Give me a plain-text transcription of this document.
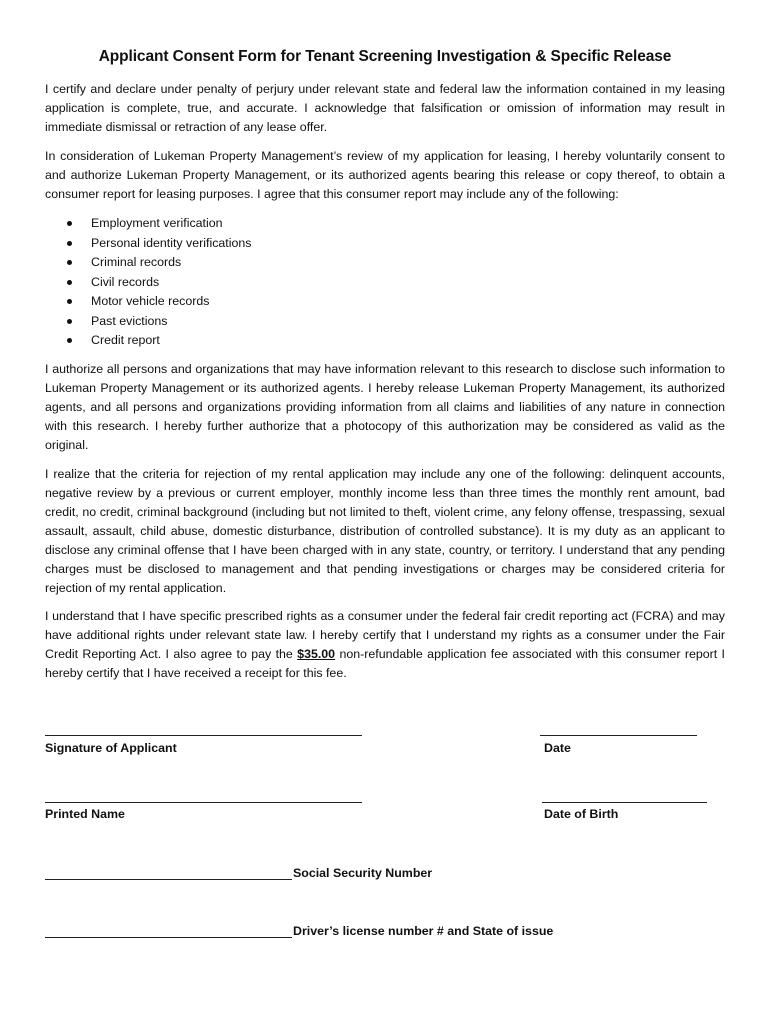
Applicant Consent Form for Tenant Screening Investigation & Specific Release
I certify and declare under penalty of perjury under relevant state and federal law the information contained in my leasing application is complete, true, and accurate. I acknowledge that falsification or omission of information may result in immediate dismissal or retraction of any lease offer.
In consideration of Lukeman Property Management’s review of my application for leasing, I hereby voluntarily consent to and authorize Lukeman Property Management, or its authorized agents bearing this release or copy thereof, to obtain a consumer report for leasing purposes. I agree that this consumer report may include any of the following:
Employment verification
Personal identity verifications
Criminal records
Civil records
Motor vehicle records
Past evictions
Credit report
I authorize all persons and organizations that may have information relevant to this research to disclose such information to Lukeman Property Management or its authorized agents. I hereby release Lukeman Property Management, its authorized agents, and all persons and organizations providing information from all claims and liabilities of any nature in connection with this research. I hereby further authorize that a photocopy of this authorization may be considered as valid as the original.
I realize that the criteria for rejection of my rental application may include any one of the following: delinquent accounts, negative review by a previous or current employer, monthly income less than three times the monthly rent amount, bad credit, no credit, criminal background (including but not limited to theft, violent crime, any felony offense, trespassing, sexual assault, assault, child abuse, domestic disturbance, distribution of controlled substance). It is my duty as an applicant to disclose any criminal offense that I have been charged with in any state, country, or territory. I understand that any pending charges must be disclosed to management and that pending investigations or charges may be considered criteria for rejection of my rental application.
I understand that I have specific prescribed rights as a consumer under the federal fair credit reporting act (FCRA) and may have additional rights under relevant state law. I hereby certify that I understand my rights as a consumer under the Fair Credit Reporting Act. I also agree to pay the $35.00 non-refundable application fee associated with this consumer report I hereby certify that I have received a receipt for this fee.
Signature of Applicant	Date
Printed Name	Date of Birth
Social Security Number
Driver’s license number # and State of issue
